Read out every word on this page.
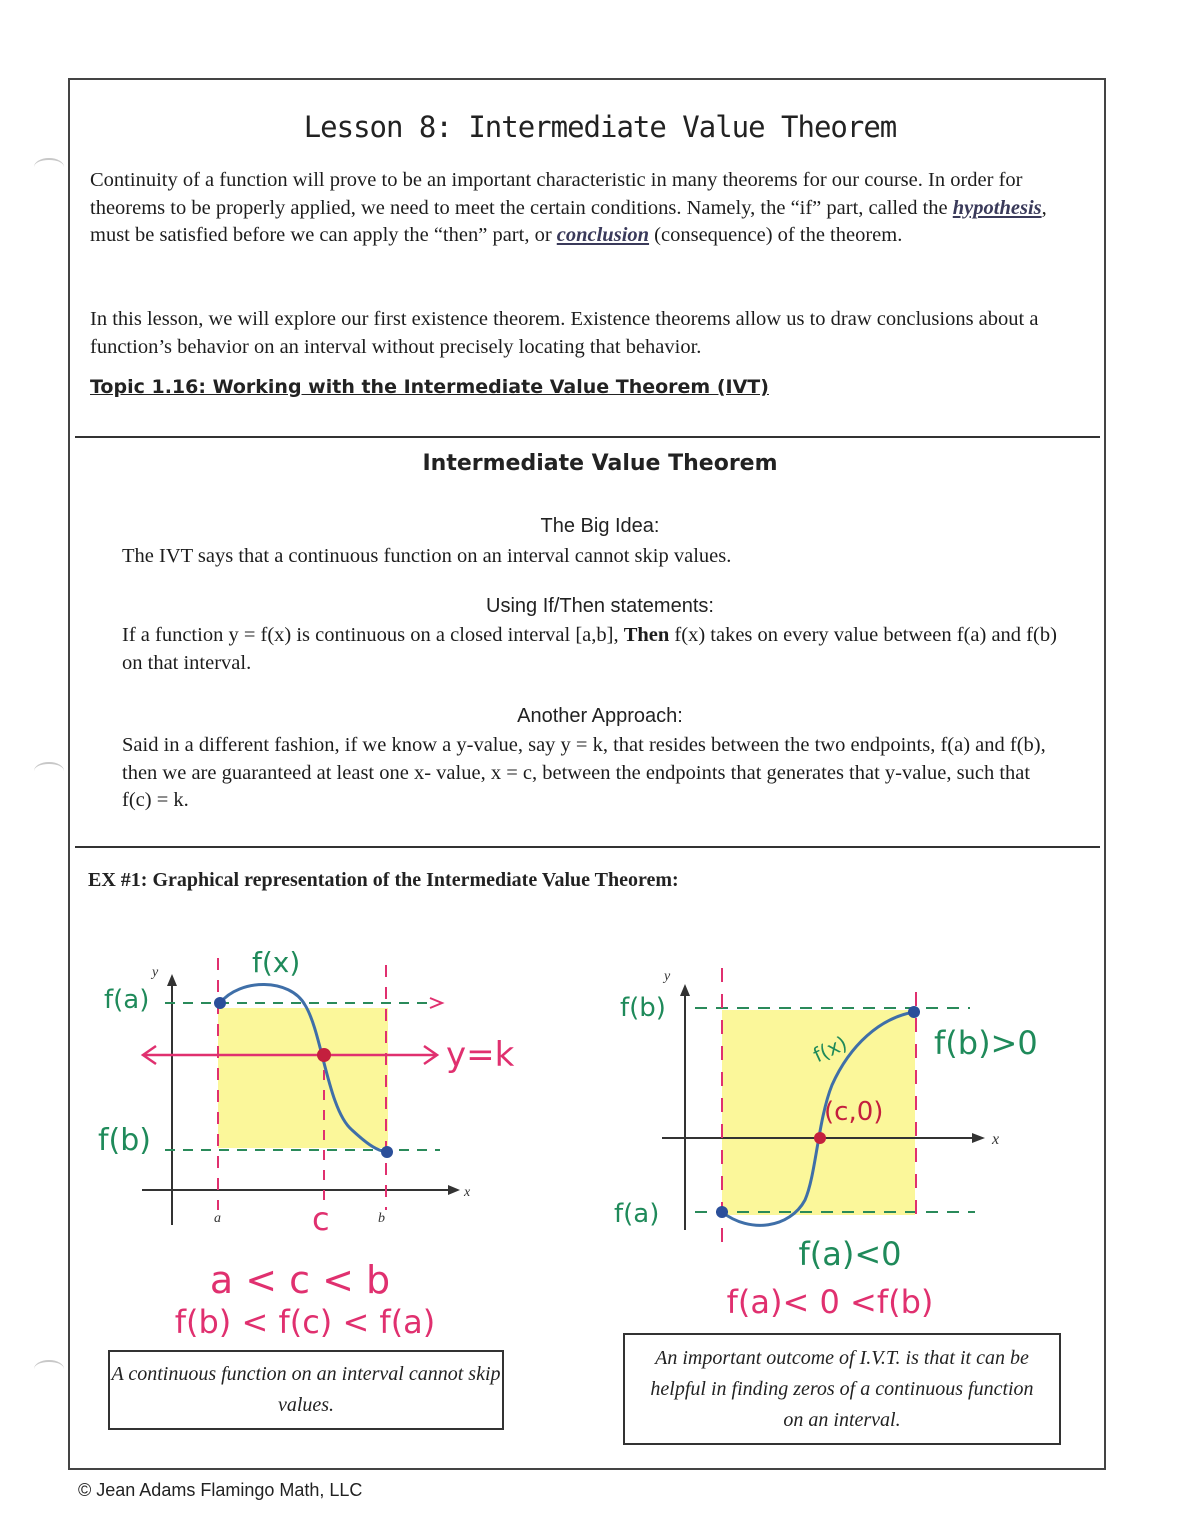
Lesson 8: Intermediate Value Theorem
Continuity of a function will prove to be an important characteristic in many theorems for our course. In order for theorems to be properly applied, we need to meet the certain conditions. Namely, the “if” part, called the hypothesis, must be satisfied before we can apply the “then” part, or conclusion (consequence) of the theorem.
In this lesson, we will explore our first existence theorem. Existence theorems allow us to draw conclusions about a function’s behavior on an interval without precisely locating that behavior.
Topic 1.16: Working with the Intermediate Value Theorem (IVT)
Intermediate Value Theorem
The Big Idea:
The IVT says that a continuous function on an interval cannot skip values.
Using If/Then statements:
If a function y = f(x) is continuous on a closed interval [a,b], Then f(x) takes on every value between f(a) and f(b) on that interval.
Another Approach:
Said in a different fashion, if we know a y-value, say y = k, that resides between the two endpoints, f(a) and f(b), then we are guaranteed at least one x- value, x = c, between the endpoints that generates that y-value, such that f(c) = k.
EX #1: Graphical representation of the Intermediate Value Theorem:
y
x
f(a)
f(b)
f(x)
y=k
a	b
c
a < c < b
f(b) < f(c) < f(a)
A continuous function on an interval cannot skip values.
y
x
f(b)
f(a)
f(x)
(c,0)
f(b)>0
f(a)<0
f(a)< 0 <f(b)
An important outcome of I.V.T. is that it can be helpful in finding zeros of a continuous function on an interval.
© Jean Adams Flamingo Math, LLC
